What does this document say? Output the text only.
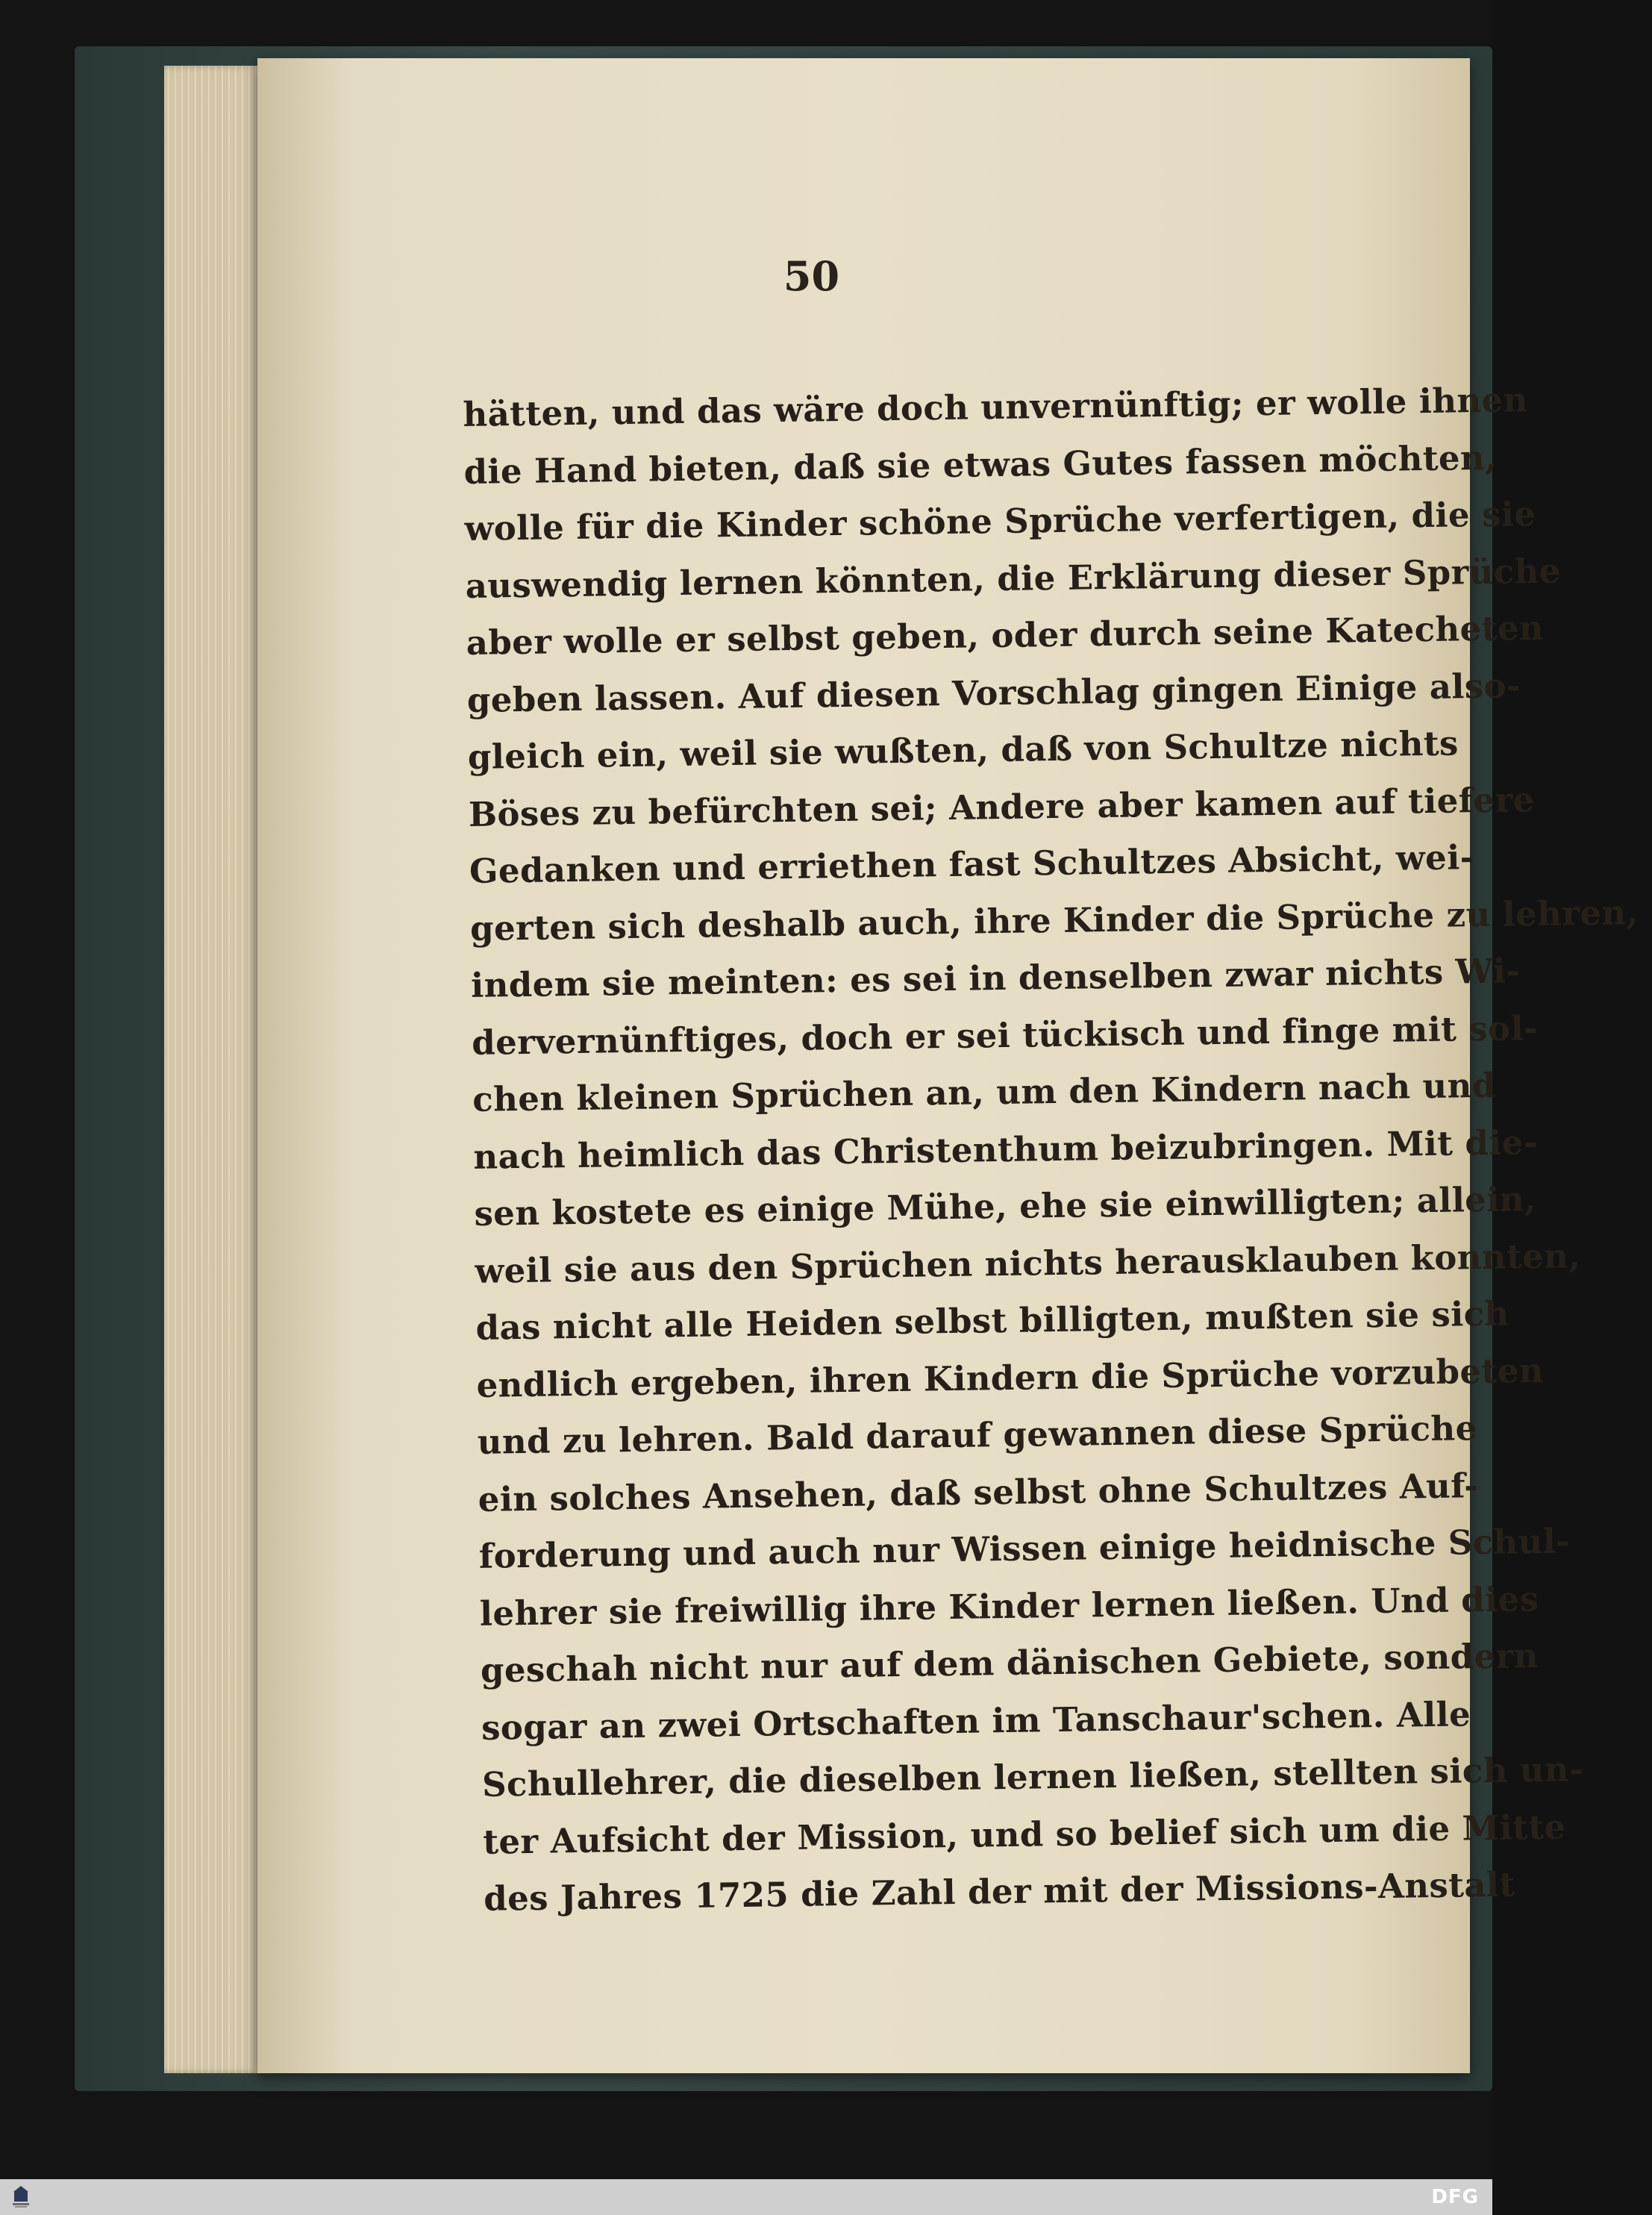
50
hätten, und das wäre doch unvernünftig; er wolle ihnen
die Hand bieten, daß sie etwas Gutes fassen möchten,
wolle für die Kinder schöne Sprüche verfertigen, die sie
auswendig lernen könnten, die Erklärung dieser Sprüche
aber wolle er selbst geben, oder durch seine Katecheten
geben lassen. Auf diesen Vorschlag gingen Einige also-
gleich ein, weil sie wußten, daß von Schultze nichts
Böses zu befürchten sei; Andere aber kamen auf tiefere
Gedanken und erriethen fast Schultzes Absicht, wei-
gerten sich deshalb auch, ihre Kinder die Sprüche zu lehren,
indem sie meinten: es sei in denselben zwar nichts Wi-
dervernünftiges, doch er sei tückisch und finge mit sol-
chen kleinen Sprüchen an, um den Kindern nach und
nach heimlich das Christenthum beizubringen. Mit die-
sen kostete es einige Mühe, ehe sie einwilligten; allein,
weil sie aus den Sprüchen nichts herausklauben konnten,
das nicht alle Heiden selbst billigten, mußten sie sich
endlich ergeben, ihren Kindern die Sprüche vorzubeten
und zu lehren. Bald darauf gewannen diese Sprüche
ein solches Ansehen, daß selbst ohne Schultzes Auf-
forderung und auch nur Wissen einige heidnische Schul-
lehrer sie freiwillig ihre Kinder lernen ließen. Und dies
geschah nicht nur auf dem dänischen Gebiete, sondern
sogar an zwei Ortschaften im Tanschaur'schen. Alle
Schullehrer, die dieselben lernen ließen, stellten sich un-
ter Aufsicht der Mission, und so belief sich um die Mitte
des Jahres 1725 die Zahl der mit der Missions-Anstalt
DFG
